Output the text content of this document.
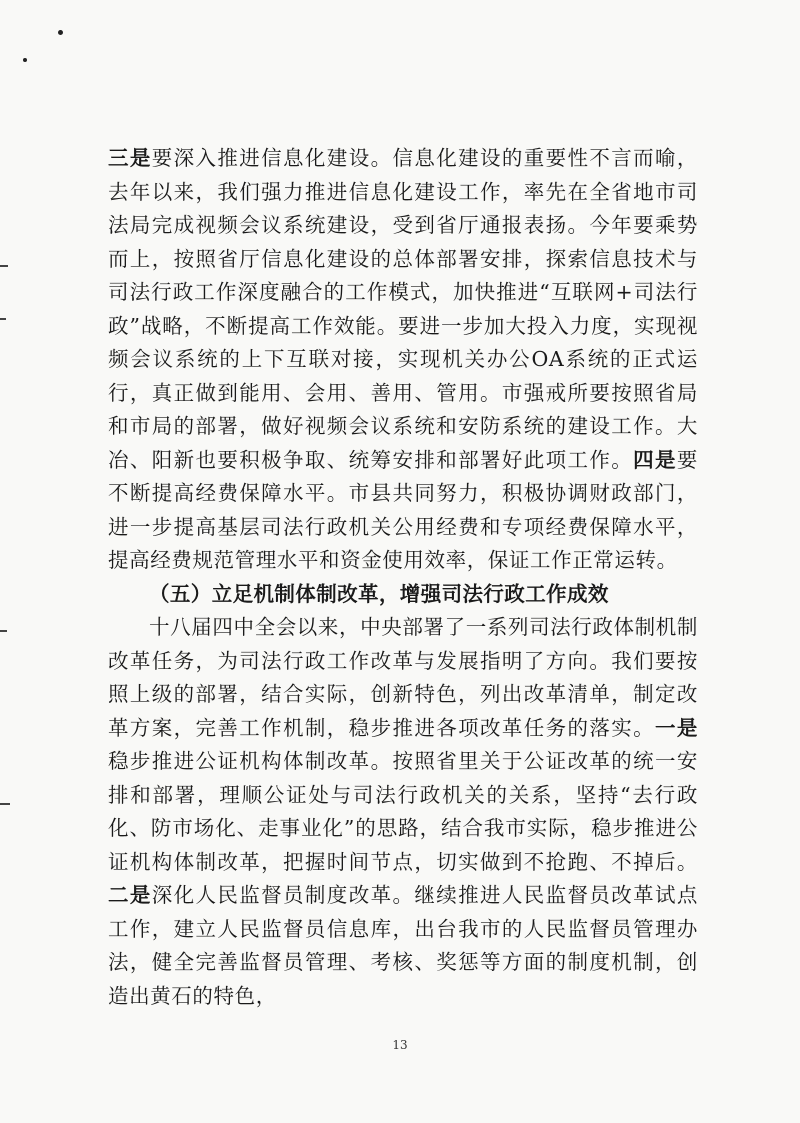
三是要深入推进信息化建设。信息化建设的重要性不言而喻，去年以来，我们强力推进信息化建设工作，率先在全省地市司法局完成视频会议系统建设，受到省厅通报表扬。今年要乘势而上，按照省厅信息化建设的总体部署安排，探索信息技术与司法行政工作深度融合的工作模式，加快推进“互联网+司法行政”战略，不断提高工作效能。要进一步加大投入力度，实现视频会议系统的上下互联对接，实现机关办公OA系统的正式运行，真正做到能用、会用、善用、管用。市强戒所要按照省局和市局的部署，做好视频会议系统和安防系统的建设工作。大冶、阳新也要积极争取、统筹安排和部署好此项工作。四是要不断提高经费保障水平。市县共同努力，积极协调财政部门，进一步提高基层司法行政机关公用经费和专项经费保障水平，提高经费规范管理水平和资金使用效率，保证工作正常运转。

（五）立足机制体制改革，增强司法行政工作成效

十八届四中全会以来，中央部署了一系列司法行政体制机制改革任务，为司法行政工作改革与发展指明了方向。我们要按照上级的部署，结合实际，创新特色，列出改革清单，制定改革方案，完善工作机制，稳步推进各项改革任务的落实。一是稳步推进公证机构体制改革。按照省里关于公证改革的统一安排和部署，理顺公证处与司法行政机关的关系，坚持“去行政化、防市场化、走事业化”的思路，结合我市实际，稳步推进公证机构体制改革，把握时间节点，切实做到不抢跑、不掉后。二是深化人民监督员制度改革。继续推进人民监督员改革试点工作，建立人民监督员信息库，出台我市的人民监督员管理办法，健全完善监督员管理、考核、奖惩等方面的制度机制，创造出黄石的特色，

13
